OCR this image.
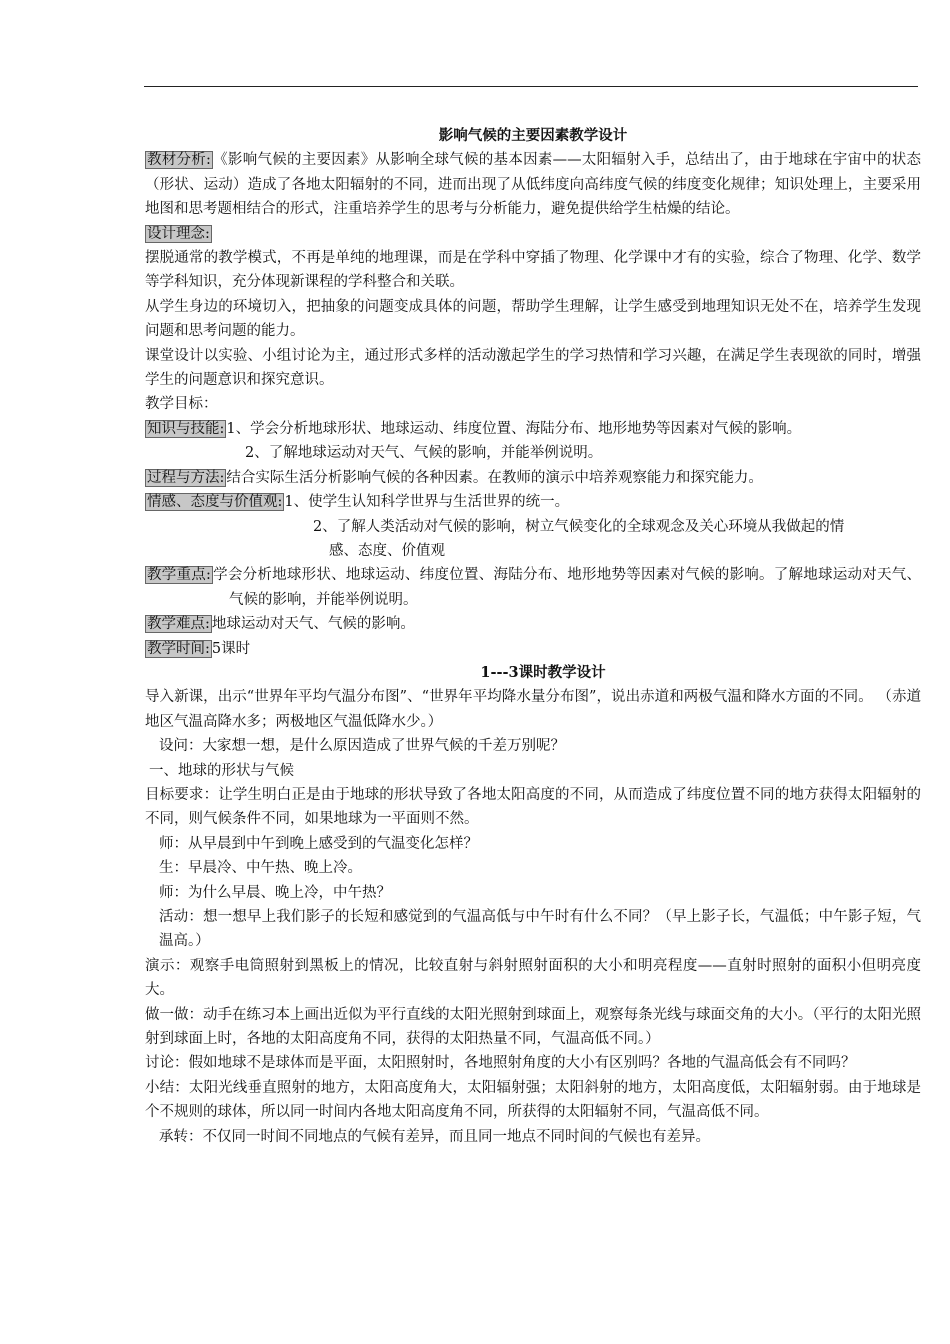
影响气候的主要因素教学设计

教材分析: 《影响气候的主要因素》从影响全球气候的基本因素——太阳辐射入手，总结出了，由于地球在宇宙中的状态（形状、运动）造成了各地太阳辐射的不同，进而出现了从低纬度向高纬度气候的纬度变化规律；知识处理上，主要采用地图和思考题相结合的形式，注重培养学生的思考与分析能力，避免提供给学生枯燥的结论。

设计理念:

摆脱通常的教学模式，不再是单纯的地理课，而是在学科中穿插了物理、化学课中才有的实验，综合了物理、化学、数学等学科知识，充分体现新课程的学科整合和关联。

从学生身边的环境切入，把抽象的问题变成具体的问题，帮助学生理解，让学生感受到地理知识无处不在，培养学生发现问题和思考问题的能力。

课堂设计以实验、小组讨论为主，通过形式多样的活动激起学生的学习热情和学习兴趣，在满足学生表现欲的同时，增强学生的问题意识和探究意识。

教学目标：

知识与技能: 1、学会分析地球形状、地球运动、纬度位置、海陆分布、地形地势等因素对气候的影响。

2、了解地球运动对天气、气候的影响，并能举例说明。

过程与方法: 结合实际生活分析影响气候的各种因素。在教师的演示中培养观察能力和探究能力。

情感、态度与价值观: 1、使学生认知科学世界与生活世界的统一。

2、了解人类活动对气候的影响，树立气候变化的全球观念及关心环境从我做起的情

感、态度、价值观

教学重点: 学会分析地球形状、地球运动、纬度位置、海陆分布、地形地势等因素对气候的影响。了解地球运动对天气、气候的影响，并能举例说明。

教学难点: 地球运动对天气、气候的影响。

教学时间: 5课时

1---3课时教学设计

导入新课，出示“世界年平均气温分布图”、“世界年平均降水量分布图”，说出赤道和两极气温和降水方面的不同。 （赤道地区气温高降水多；两极地区气温低降水少。）

设问：大家想一想，是什么原因造成了世界气候的千差万别呢？

一、地球的形状与气候

目标要求：让学生明白正是由于地球的形状导致了各地太阳高度的不同，从而造成了纬度位置不同的地方获得太阳辐射的不同，则气候条件不同，如果地球为一平面则不然。

师：从早晨到中午到晚上感受到的气温变化怎样？

生：早晨冷、中午热、晚上冷。

师：为什么早晨、晚上冷，中午热？

活动：想一想早上我们影子的长短和感觉到的气温高低与中午时有什么不同？（早上影子长，气温低；中午影子短，气温高。）

演示：观察手电筒照射到黑板上的情况，比较直射与斜射照射面积的大小和明亮程度——直射时照射的面积小但明亮度大。

做一做：动手在练习本上画出近似为平行直线的太阳光照射到球面上，观察每条光线与球面交角的大小。（平行的太阳光照射到球面上时，各地的太阳高度角不同，获得的太阳热量不同，气温高低不同。）

讨论：假如地球不是球体而是平面，太阳照射时，各地照射角度的大小有区别吗？各地的气温高低会有不同吗？

小结：太阳光线垂直照射的地方，太阳高度角大，太阳辐射强；太阳斜射的地方，太阳高度低，太阳辐射弱。由于地球是个不规则的球体，所以同一时间内各地太阳高度角不同，所获得的太阳辐射不同，气温高低不同。

承转：不仅同一时间不同地点的气候有差异，而且同一地点不同时间的气候也有差异。
